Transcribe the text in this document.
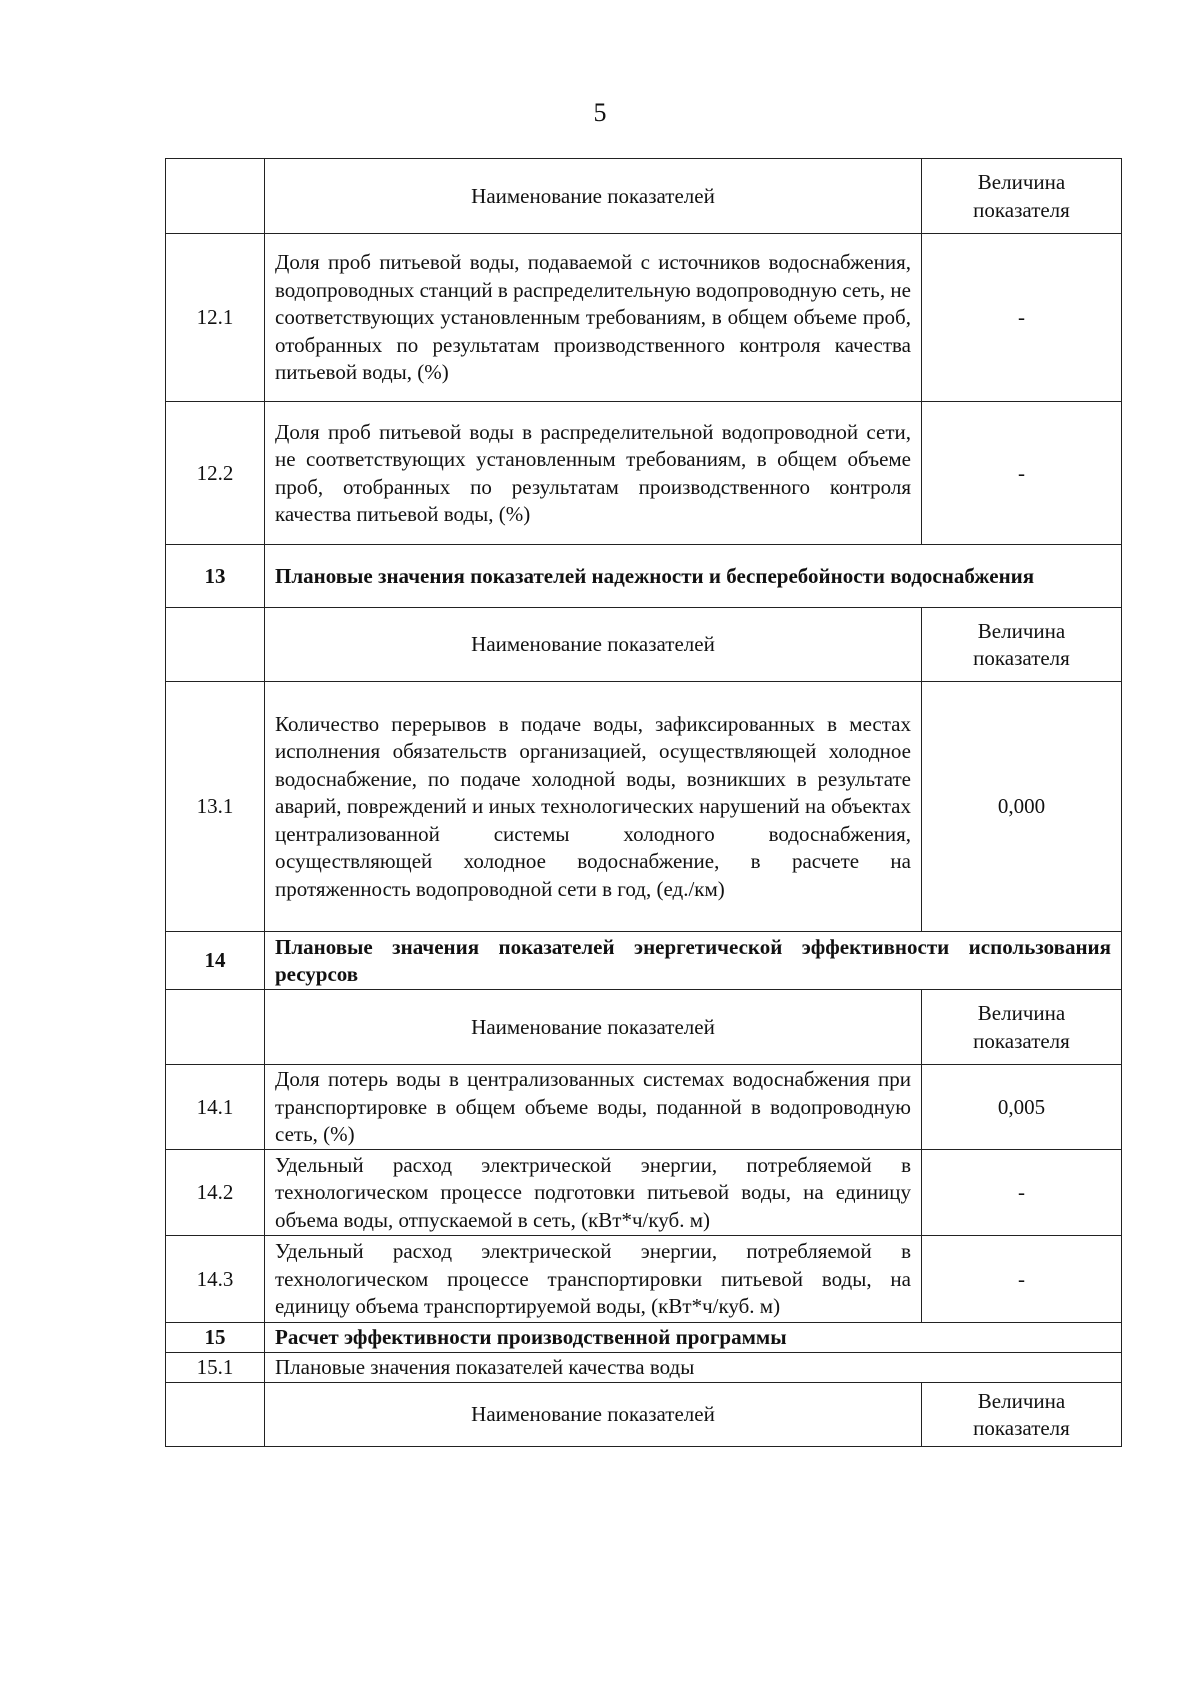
5
	Наименование показателей	Величина показателя
12.1	Доля проб питьевой воды, подаваемой с источников водоснабжения, водопроводных станций в распределительную водопроводную сеть, не соответствующих установленным требованиям, в общем объеме проб, отобранных по результатам производственного контроля качества питьевой воды, (%)	-
12.2	Доля проб питьевой воды в распределительной водопроводной сети, не соответствующих установленным требованиям, в общем объеме проб, отобранных по результатам производственного контроля качества питьевой воды, (%)	-
13	Плановые значения показателей надежности и бесперебойности водоснабжения	
	Наименование показателей	Величина показателя
13.1	Количество перерывов в подаче воды, зафиксированных в местах исполнения обязательств организацией, осуществляющей холодное водоснабжение, по подаче холодной воды, возникших в результате аварий, повреждений и иных технологических нарушений на объектах централизованной системы холодного водоснабжения, осуществляющей холодное водоснабжение, в расчете на протяженность водопроводной сети в год, (ед./км)	0,000
14	Плановые значения показателей энергетической эффективности использования ресурсов	
	Наименование показателей	Величина показателя
14.1	Доля потерь воды в централизованных системах водоснабжения при транспортировке в общем объеме воды, поданной в водопроводную сеть, (%)	0,005
14.2	Удельный расход электрической энергии, потребляемой в технологическом процессе подготовки питьевой воды, на единицу объема воды, отпускаемой в сеть, (кВт*ч/куб. м)	-
14.3	Удельный расход электрической энергии, потребляемой в технологическом процессе транспортировки питьевой воды, на единицу объема транспортируемой воды, (кВт*ч/куб. м)	-
15	Расчет эффективности производственной программы	
15.1	Плановые значения показателей качества воды	
	Наименование показателей	Величина показателя
